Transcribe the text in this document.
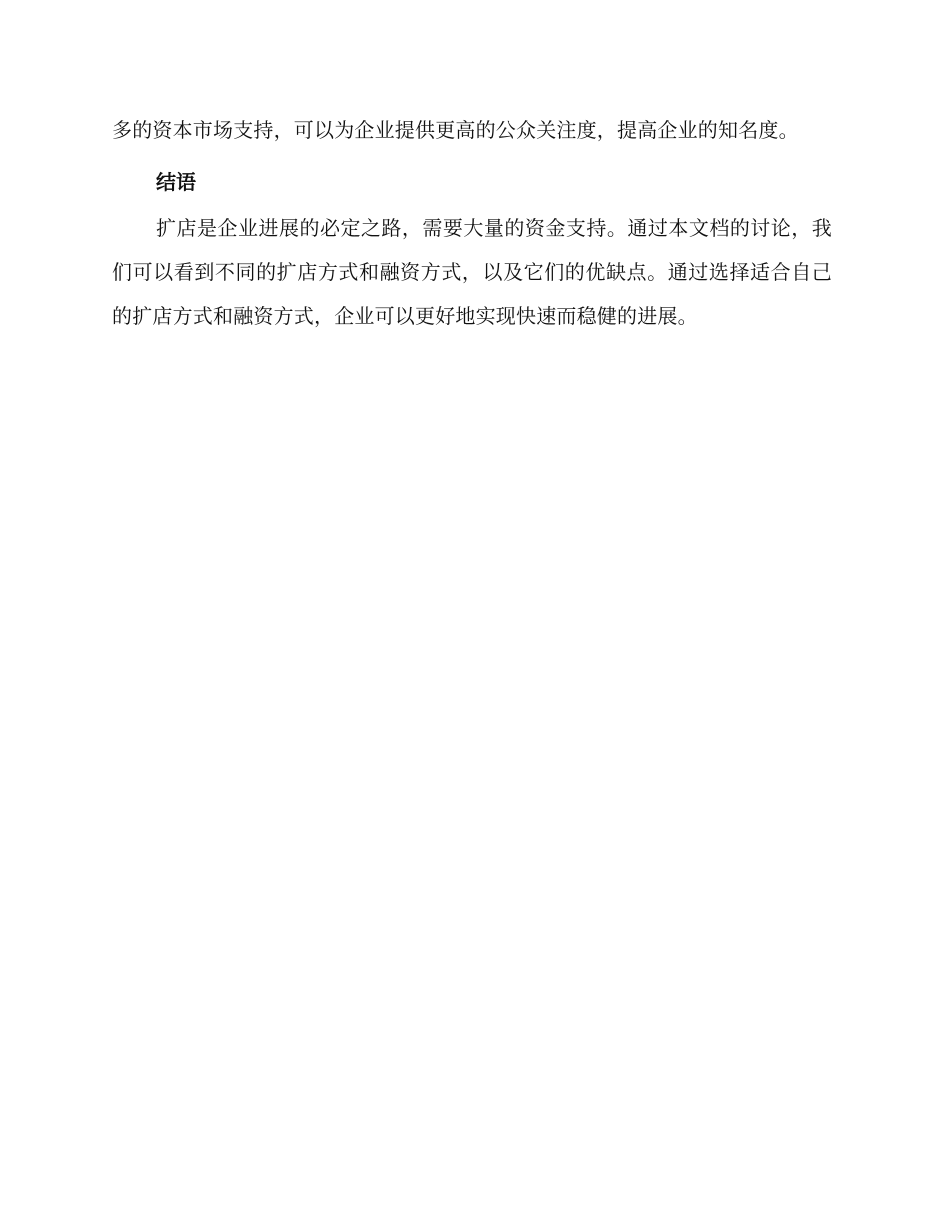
多的资本市场支持，可以为企业提供更高的公众关注度，提高企业的知名度。

结语

扩店是企业进展的必定之路，需要大量的资金支持。通过本文档的讨论，我们可以看到不同的扩店方式和融资方式，以及它们的优缺点。通过选择适合自己的扩店方式和融资方式，企业可以更好地实现快速而稳健的进展。
